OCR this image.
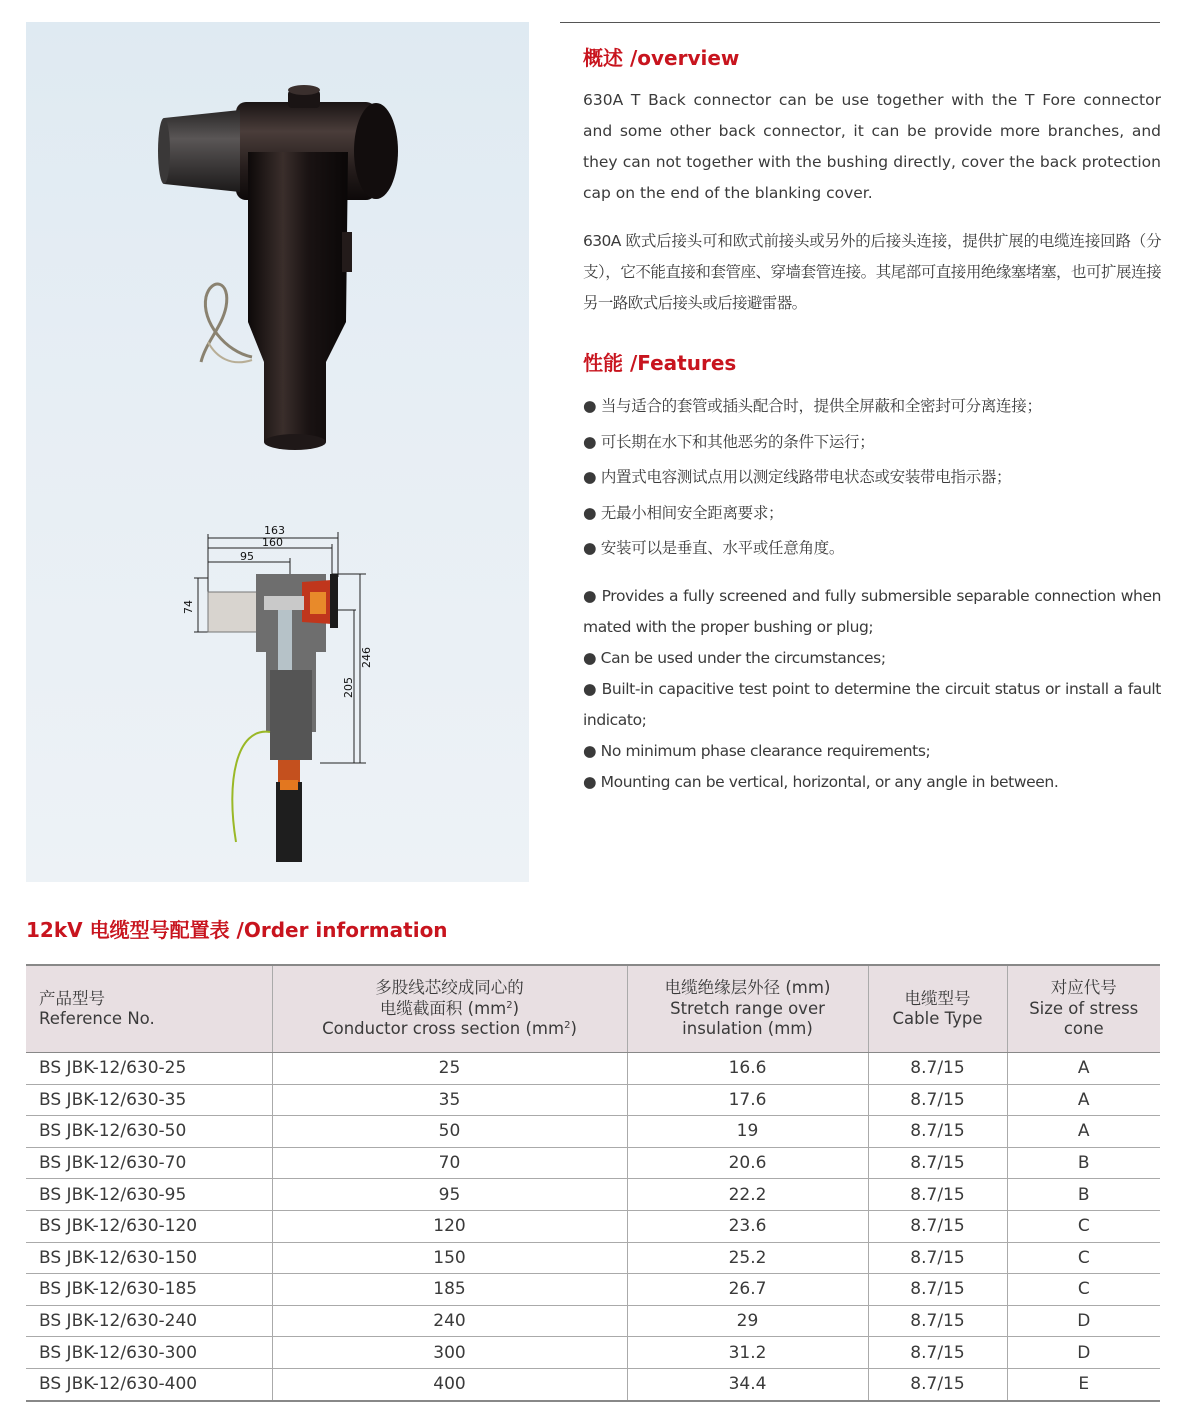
163
160
95
74
205
246
概述 /overview

630A T Back connector can be use together with the T Fore connector and some other back connector, it can be provide more branches, and they can not together with the bushing directly, cover the back protection cap on the end of the blanking cover.

630A 欧式后接头可和欧式前接头或另外的后接头连接，提供扩展的电缆连接回路（分支），它不能直接和套管座、穿墙套管连接。其尾部可直接用绝缘塞堵塞，也可扩展连接另一路欧式后接头或后接避雷器。

性能 /Features
● 当与适合的套管或插头配合时，提供全屏蔽和全密封可分离连接；
● 可长期在水下和其他恶劣的条件下运行；
● 内置式电容测试点用以测定线路带电状态或安装带电指示器；
● 无最小相间安全距离要求；
● 安装可以是垂直、水平或任意角度。
● Provides a fully screened and fully submersible separable connection when mated with the proper bushing or plug;
● Can be used under the circumstances;
● Built-in capacitive test point to determine the circuit status or install a fault indicato;
● No minimum phase clearance requirements;
● Mounting can be vertical, horizontal, or any angle in between.
12kV 电缆型号配置表 /Order information
产品型号
Reference No.	多股线芯绞成同心的
电缆截面积 $(mm^2)$
Conductor cross section $(mm^2)$	电缆绝缘层外径 (mm)
Stretch range over
insulation (mm)	电缆型号
Cable Type	对应代号
Size of stress
cone

BS JBK-12/630-25	25	16.6	8.7/15	A
BS JBK-12/630-35	35	17.6	8.7/15	A
BS JBK-12/630-50	50	19	8.7/15	A
BS JBK-12/630-70	70	20.6	8.7/15	B
BS JBK-12/630-95	95	22.2	8.7/15	B
BS JBK-12/630-120	120	23.6	8.7/15	C
BS JBK-12/630-150	150	25.2	8.7/15	C
BS JBK-12/630-185	185	26.7	8.7/15	C
BS JBK-12/630-240	240	29	8.7/15	D
BS JBK-12/630-300	300	31.2	8.7/15	D
BS JBK-12/630-400	400	34.4	8.7/15	E
